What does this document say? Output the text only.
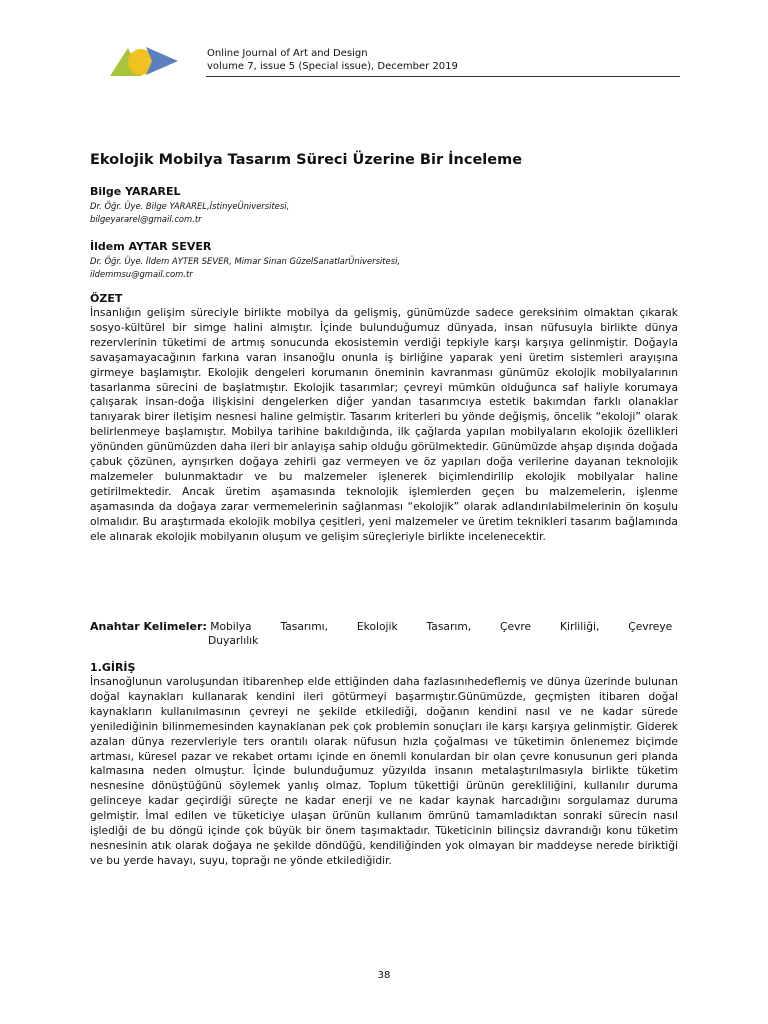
Online Journal of Art and Design
volume 7, issue 5 (Special issue), December 2019
Ekolojik Mobilya Tasarım Süreci Üzerine Bir İnceleme
Bilge YARAREL
Dr. Öğr. Üye. Bilge YARAREL,İstinyeÜniversitesi,
bilgeyararel@gmail.com.tr
İldem AYTAR SEVER
Dr. Öğr. Üye. İldem AYTER SEVER, Mimar Sinan GüzelSanatlarÜniversitesi,
ildemmsu@gmail.com.tr
ÖZET

İnsanlığın gelişim süreciyle birlikte mobilya da gelişmiş, günümüzde sadece gereksinim olmaktan çıkarak sosyo-kültürel bir simge halini almıştır. İçinde bulunduğumuz dünyada, insan nüfusuyla birlikte dünya rezervlerinin tüketimi de artmış sonucunda ekosistemin verdiği tepkiyle karşı karşıya gelinmiştir. Doğayla savaşamayacağının farkına varan insanoğlu onunla iş birliğine yaparak yeni üretim sistemleri arayışına girmeye başlamıştır. Ekolojik dengeleri korumanın öneminin kavranması günümüz ekolojik mobilyalarının tasarlanma sürecini de başlatmıştır. Ekolojik tasarımlar; çevreyi mümkün olduğunca saf haliyle korumaya çalışarak insan-doğa ilişkisini dengelerken diğer yandan tasarımcıya estetik bakımdan farklı olanaklar tanıyarak birer iletişim nesnesi haline gelmiştir. Tasarım kriterleri bu yönde değişmiş, öncelik “ekoloji” olarak belirlenmeye başlamıştır. Mobilya tarihine bakıldığında, ilk çağlarda yapılan mobilyaların ekolojik özellikleri yönünden günümüzden daha ileri bir anlayışa sahip olduğu görülmektedir. Günümüzde ahşap dışında doğada çabuk çözünen, ayrışırken doğaya zehirli gaz vermeyen ve öz yapıları doğa verilerine dayanan teknolojik malzemeler bulunmaktadır ve bu malzemeler işlenerek biçimlendirilip ekolojik mobilyalar haline getirilmektedir. Ancak üretim aşamasında teknolojik işlemlerden geçen bu malzemelerin, işlenme aşamasında da doğaya zarar vermemelerinin sağlanması “ekolojik” olarak adlandırılabilmelerinin ön koşulu olmalıdır. Bu araştırmada ekolojik mobilya çeşitleri, yeni malzemeler ve üretim teknikleri tasarım bağlamında ele alınarak ekolojik mobilyanın oluşum ve gelişim süreçleriyle birlikte incelenecektir.

Anahtar Kelimeler: Mobilya Tasarımı, Ekolojik Tasarım, Çevre Kirliliği, Çevreye
Duyarlılık
1.GİRİŞ

İnsanoğlunun varoluşundan itibarenhep elde ettiğinden daha fazlasınıhedeflemiş ve dünya üzerinde bulunan doğal kaynakları kullanarak kendini ileri götürmeyi başarmıştır.Günümüzde, geçmişten itibaren doğal kaynakların kullanılmasının çevreyi ne şekilde etkilediği, doğanın kendini nasıl ve ne kadar sürede yenilediğinin bilinmemesinden kaynaklanan pek çok problemin sonuçları ile karşı karşıya gelinmiştir. Giderek azalan dünya rezervleriyle ters orantılı olarak nüfusun hızla çoğalması ve tüketimin önlenemez biçimde artması, küresel pazar ve rekabet ortamı içinde en önemli konulardan bir olan çevre konusunun geri planda kalmasına neden olmuştur. İçinde bulunduğumuz yüzyılda insanın metalaştırılmasıyla birlikte tüketim nesnesine dönüştüğünü söylemek yanlış olmaz. Toplum tükettiği ürünün gerekliliğini, kullanılır duruma gelinceye kadar geçirdiği süreçte ne kadar enerji ve ne kadar kaynak harcadığını sorgulamaz duruma gelmiştir. İmal edilen ve tüketiciye ulaşan ürünün kullanım ömrünü tamamladıktan sonraki sürecin nasıl işlediği de bu döngü içinde çok büyük bir önem taşımaktadır. Tüketicinin bilinçsiz davrandığı konu tüketim nesnesinin atık olarak doğaya ne şekilde döndüğü, kendiliğinden yok olmayan bir maddeyse nerede biriktiği ve bu yerde havayı, suyu, toprağı ne yönde etkilediğidir.

38
